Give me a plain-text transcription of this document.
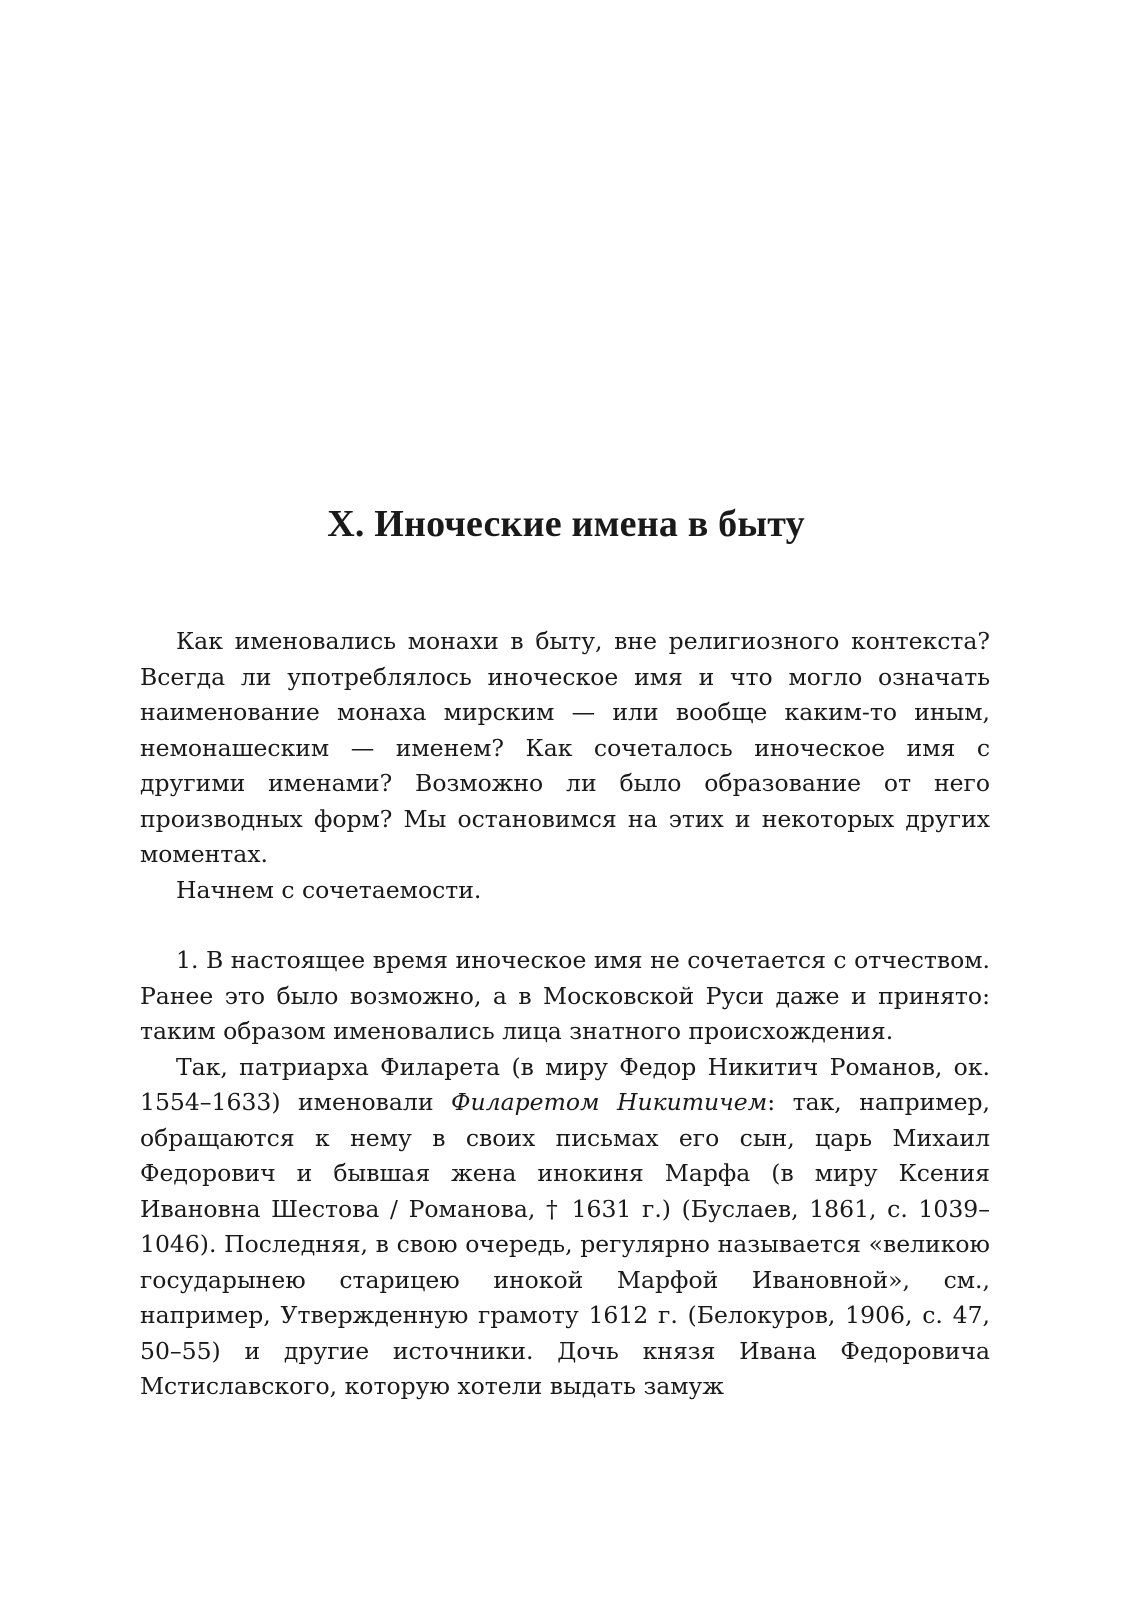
X. Иноческие имена в быту

Как именовались монахи в быту, вне религиозного контекста? Всегда ли употреблялось иноческое имя и что могло означать наименование монаха мирским — или вообще каким-то иным, немонашеским — именем? Как сочеталось иноческое имя с другими именами? Возможно ли было образование от него производных форм? Мы остановимся на этих и некоторых других моментах.

Начнем с сочетаемости.

1. В настоящее время иноческое имя не сочетается с отчеством. Ранее это было возможно, а в Московской Руси даже и принято: таким образом именовались лица знатного происхождения.

Так, патриарха Филарета (в миру Федор Никитич Романов, ок. 1554–1633) именовали Филаретом Никитичем: так, например, обращаются к нему в своих письмах его сын, царь Михаил Федорович и бывшая жена инокиня Марфа (в миру Ксения Ивановна Шестова / Романова, † 1631 г.) (Буслаев, 1861, с. 1039–1046). Последняя, в свою очередь, регулярно называется «великою государынею старицею инокой Марфой Ивановной», см., например, Утвержденную грамоту 1612 г. (Белокуров, 1906, с. 47, 50–55) и другие источники. Дочь князя Ивана Федоровича Мстиславского, которую хотели выдать замуж
